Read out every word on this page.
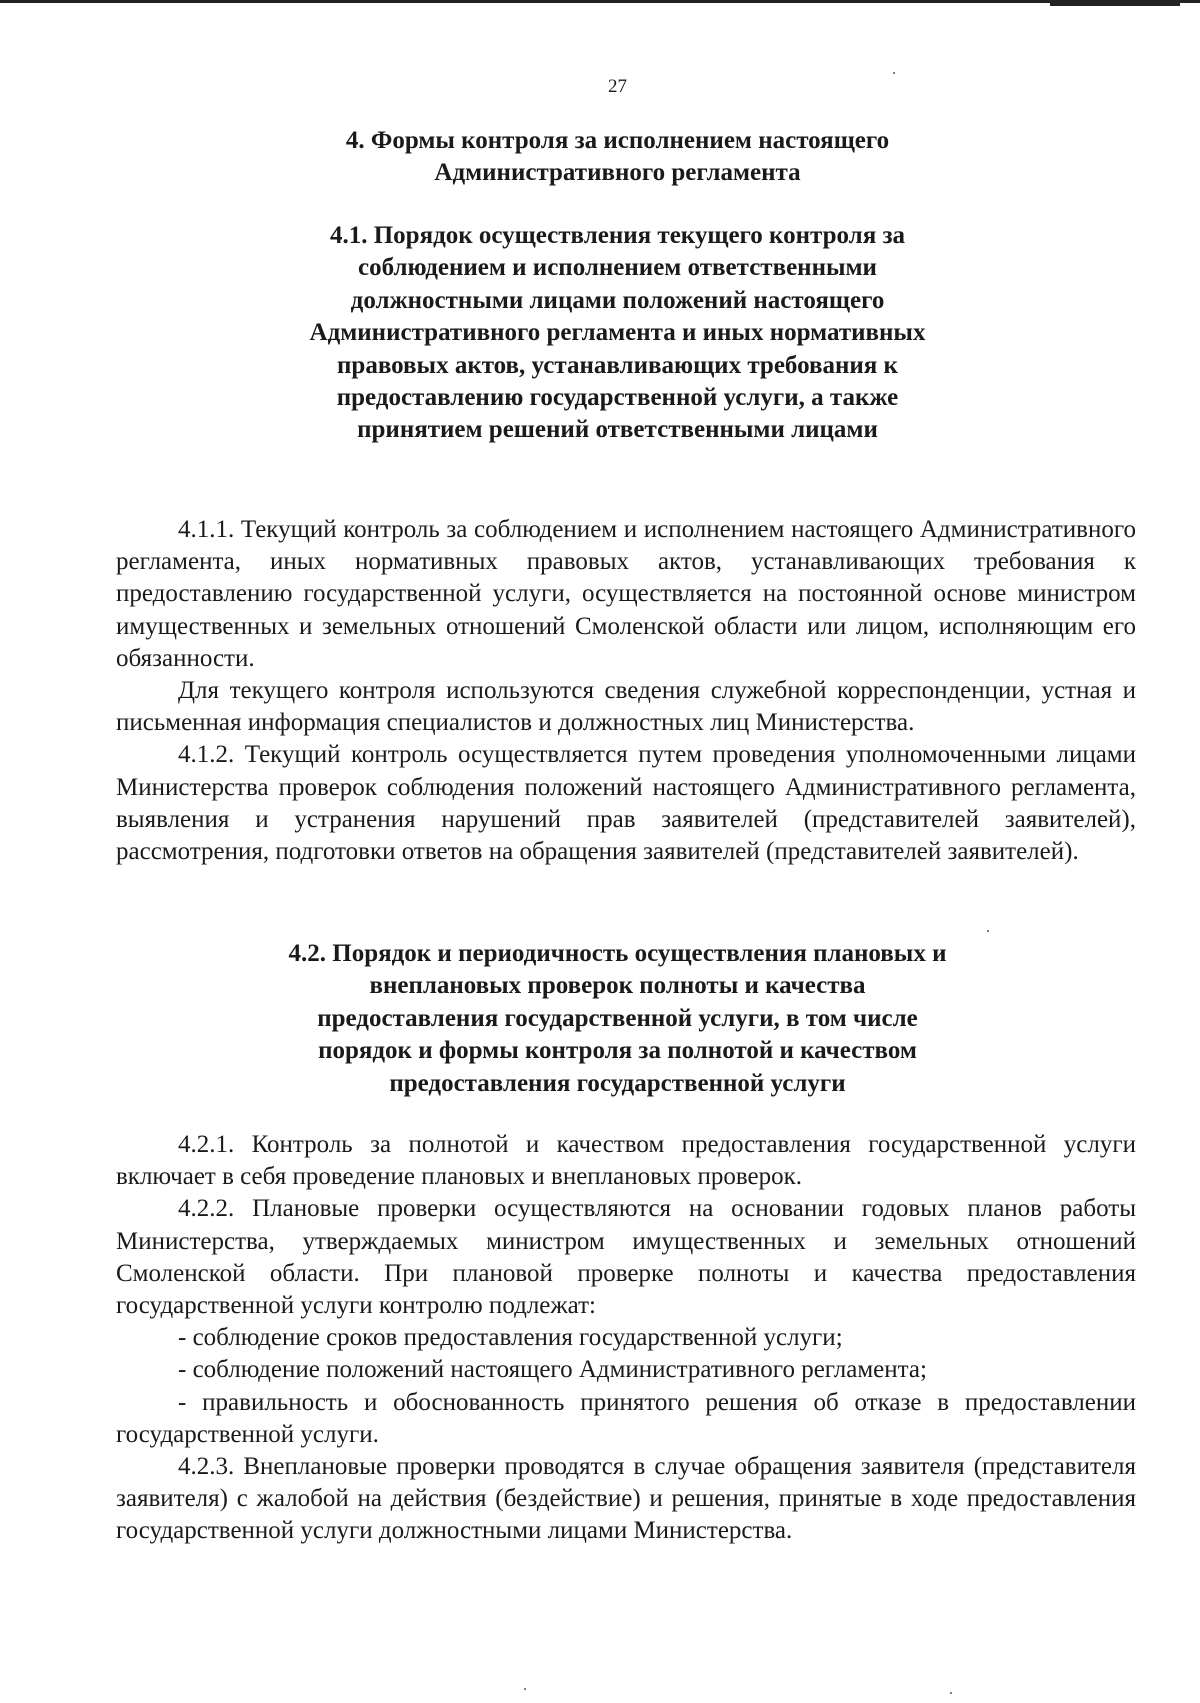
27
4. Формы контроля за исполнением настоящего Административного регламента
4.1. Порядок осуществления текущего контроля за соблюдением и исполнением ответственными должностными лицами положений настоящего Административного регламента и иных нормативных правовых актов, устанавливающих требования к предоставлению государственной услуги, а также принятием решений ответственными лицами

4.1.1. Текущий контроль за соблюдением и исполнением настоящего Административного регламента, иных нормативных правовых актов, устанавливающих требования к предоставлению государственной услуги, осуществляется на постоянной основе министром имущественных и земельных отношений Смоленской области или лицом, исполняющим его обязанности.

Для текущего контроля используются сведения служебной корреспонденции, устная и письменная информация специалистов и должностных лиц Министерства.

4.1.2. Текущий контроль осуществляется путем проведения уполномоченными лицами Министерства проверок соблюдения положений настоящего Административного регламента, выявления и устранения нарушений прав заявителей (представителей заявителей), рассмотрения, подготовки ответов на обращения заявителей (представителей заявителей).

4.2. Порядок и периодичность осуществления плановых и внеплановых проверок полноты и качества предоставления государственной услуги, в том числе порядок и формы контроля за полнотой и качеством предоставления государственной услуги

4.2.1. Контроль за полнотой и качеством предоставления государственной услуги включает в себя проведение плановых и внеплановых проверок.

4.2.2. Плановые проверки осуществляются на основании годовых планов работы Министерства, утверждаемых министром имущественных и земельных отношений Смоленской области. При плановой проверке полноты и качества предоставления государственной услуги контролю подлежат:

- соблюдение сроков предоставления государственной услуги;

- соблюдение положений настоящего Административного регламента;

- правильность и обоснованность принятого решения об отказе в предоставлении государственной услуги.

4.2.3. Внеплановые проверки проводятся в случае обращения заявителя (представителя заявителя) с жалобой на действия (бездействие) и решения, принятые в ходе предоставления государственной услуги должностными лицами Министерства.
